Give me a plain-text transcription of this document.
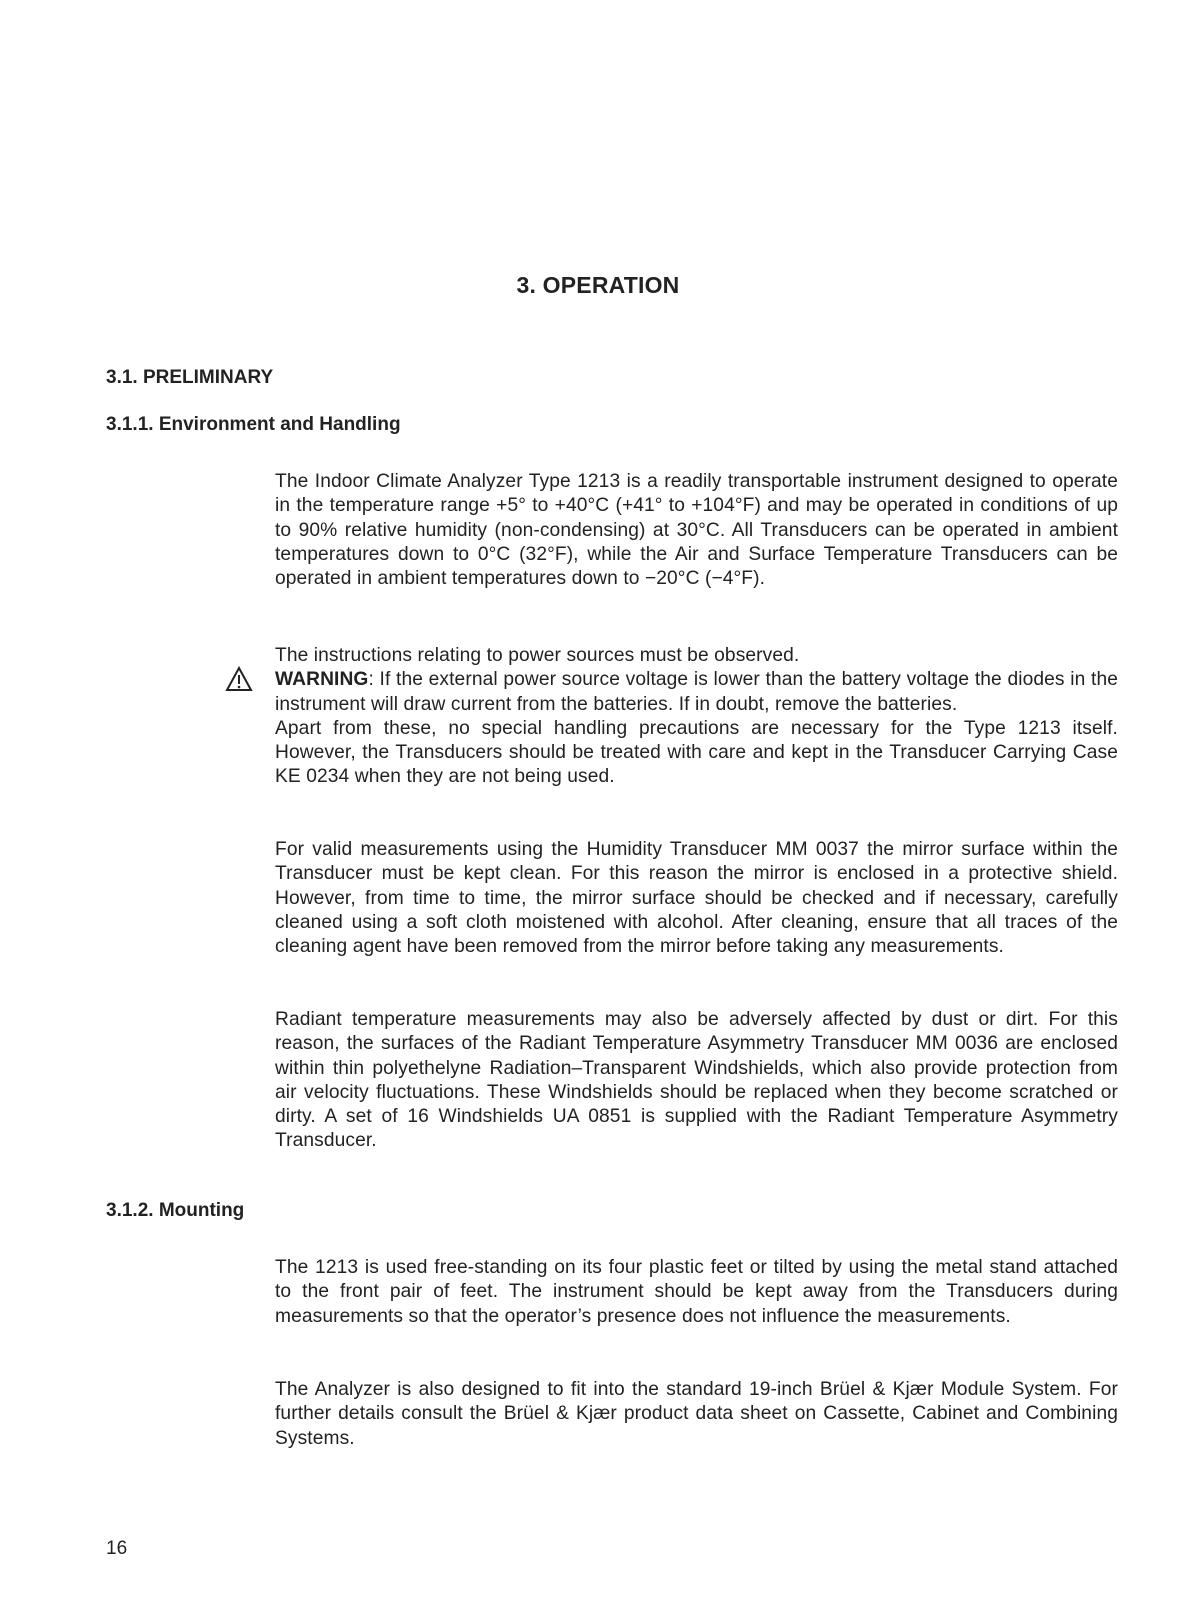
3. OPERATION
3.1. PRELIMINARY
3.1.1. Environment and Handling

The Indoor Climate Analyzer Type 1213 is a readily transportable instrument designed to operate in the temperature range +5° to +40°C (+41° to +104°F) and may be operated in conditions of up to 90% relative humidity (non-condensing) at 30°C. All Transducers can be operated in ambient temperatures down to 0°C (32°F), while the Air and Surface Temperature Transducers can be operated in ambient temperatures down to −20°C (−4°F).

The instructions relating to power sources must be observed.
WARNING: If the external power source voltage is lower than the battery voltage the diodes in the instrument will draw current from the batteries. If in doubt, remove the batteries.
Apart from these, no special handling precautions are necessary for the Type 1213 itself. However, the Transducers should be treated with care and kept in the Transducer Carrying Case KE 0234 when they are not being used.

For valid measurements using the Humidity Transducer MM 0037 the mirror surface within the Transducer must be kept clean. For this reason the mirror is enclosed in a protective shield. However, from time to time, the mirror surface should be checked and if necessary, carefully cleaned using a soft cloth moistened with alcohol. After cleaning, ensure that all traces of the cleaning agent have been removed from the mirror before taking any measurements.

Radiant temperature measurements may also be adversely affected by dust or dirt. For this reason, the surfaces of the Radiant Temperature Asymmetry Transducer MM 0036 are enclosed within thin polyethelyne Radiation–Transparent Windshields, which also provide protection from air velocity fluctuations. These Windshields should be replaced when they become scratched or dirty. A set of 16 Windshields UA 0851 is supplied with the Radiant Temperature Asymmetry Transducer.

3.1.2. Mounting

The 1213 is used free-standing on its four plastic feet or tilted by using the metal stand attached to the front pair of feet. The instrument should be kept away from the Transducers during measurements so that the operator’s presence does not influence the measurements.

The Analyzer is also designed to fit into the standard 19-inch Brüel & Kjær Module System. For further details consult the Brüel & Kjær product data sheet on Cassette, Cabinet and Combining Systems.

16
